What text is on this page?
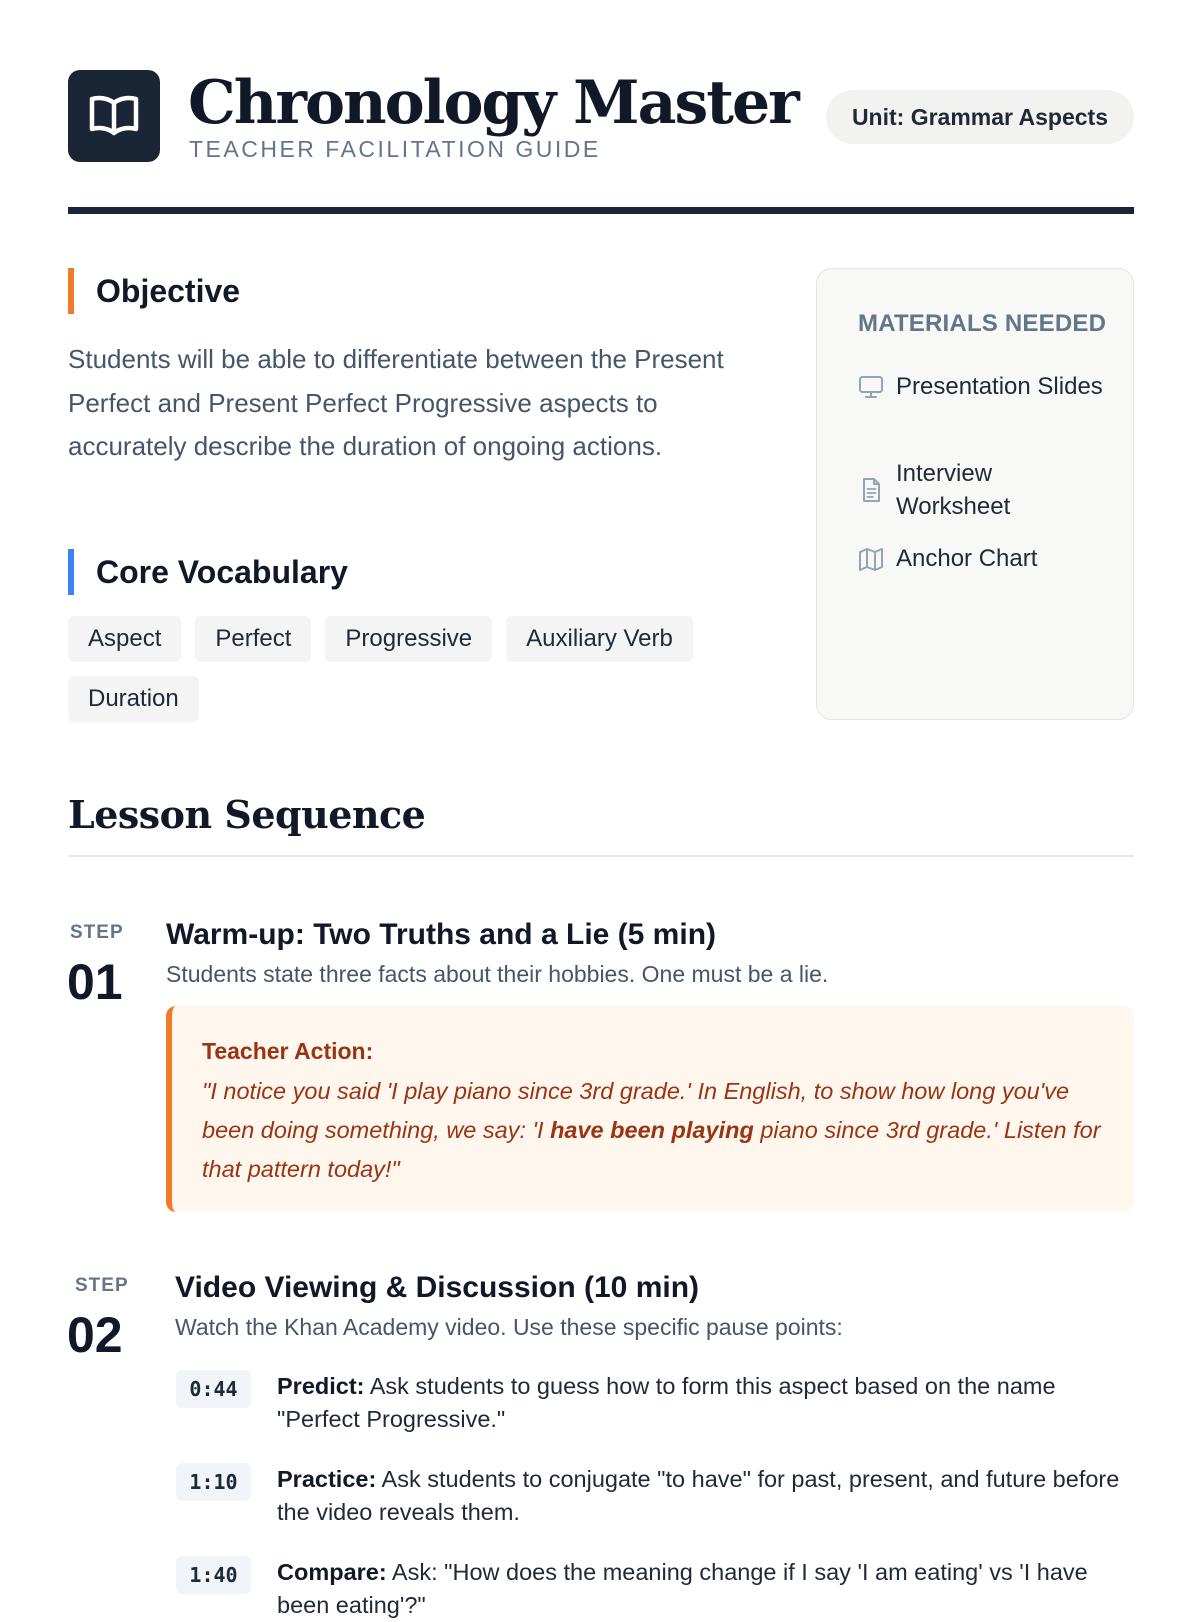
Chronology Master
TEACHER FACILITATION GUIDE
Unit: Grammar Aspects
Objective

Students will be able to differentiate between the Present Perfect and Present Perfect Progressive aspects to accurately describe the duration of ongoing actions.

Core Vocabulary
Aspect	Perfect	Progressive	Auxiliary Verb
Duration
MATERIALS NEEDED
Presentation Slides
Interview Worksheet
Anchor Chart
Lesson Sequence
STEP
01
Warm-up: Two Truths and a Lie (5 min)
Students state three facts about their hobbies. One must be a lie.
Teacher Action:
"I notice you said 'I play piano since 3rd grade.' In English, to show how long you've been doing something, we say: 'I have been playing piano since 3rd grade.' Listen for that pattern today!"
STEP
02
Video Viewing & Discussion (10 min)
Watch the Khan Academy video. Use these specific pause points:
0:44	Predict: Ask students to guess how to form this aspect based on the name "Perfect Progressive."
1:10	Practice: Ask students to conjugate "to have" for past, present, and future before the video reveals them.
1:40	Compare: Ask: "How does the meaning change if I say 'I am eating' vs 'I have been eating'?"
